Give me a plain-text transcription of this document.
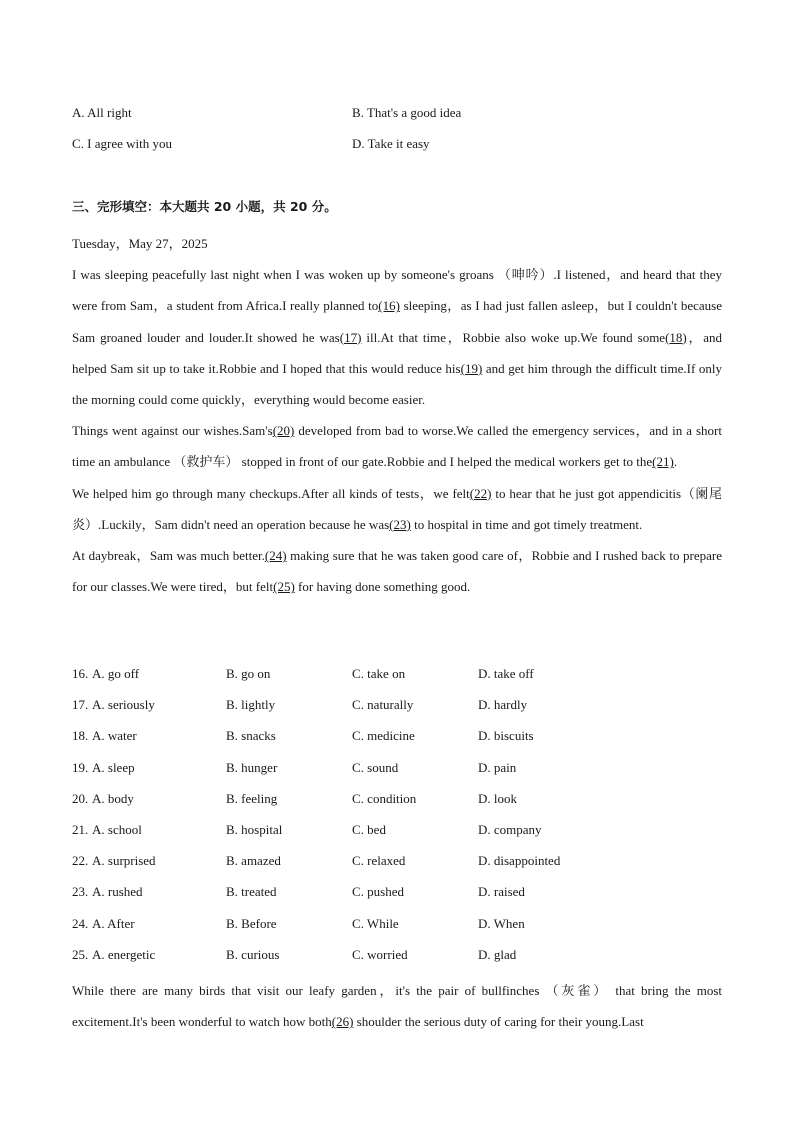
A. All right	B. That's a good idea
C. I agree with you	D. Take it easy
三、完形填空：本大题共 20 小题，共 20 分。

Tuesday，May 27，2025

I was sleeping peacefully last night when I was woken up by someone's groans （呻吟）.I listened，and heard that they were from Sam，a student from Africa.I really planned to(16) sleeping，as I had just fallen asleep，but I couldn't because Sam groaned louder and louder.It showed he was(17) ill.At that time，Robbie also woke up.We found some(18)，and helped Sam sit up to take it.Robbie and I hoped that this would reduce his(19) and get him through the difficult time.If only the morning could come quickly，everything would become easier.

Things went against our wishes.Sam's(20) developed from bad to worse.We called the emergency services，and in a short time an ambulance （救护车） stopped in front of our gate.Robbie and I helped the medical workers get to the(21).

We helped him go through many checkups.After all kinds of tests，we felt(22) to hear that he just got appendicitis（阑尾炎）.Luckily，Sam didn't need an operation because he was(23) to hospital in time and got timely treatment.

At daybreak，Sam was much better.(24) making sure that he was taken good care of，Robbie and I rushed back to prepare for our classes.We were tired，but felt(25) for having done something good.

16. A. go off	B. go on	C. take on	D. take off
17. A. seriously	B. lightly	C. naturally	D. hardly
18. A. water	B. snacks	C. medicine	D. biscuits
19. A. sleep	B. hunger	C. sound	D. pain
20. A. body	B. feeling	C. condition	D. look
21. A. school	B. hospital	C. bed	D. company
22. A. surprised	B. amazed	C. relaxed	D. disappointed
23. A. rushed	B. treated	C. pushed	D. raised
24. A. After	B. Before	C. While	D. When
25. A. energetic	B. curious	C. worried	D. glad

While there are many birds that visit our leafy garden，it's the pair of bullfinches （灰雀） that bring the most excitement.It's been wonderful to watch how both(26) shoulder the serious duty of caring for their young.Last
